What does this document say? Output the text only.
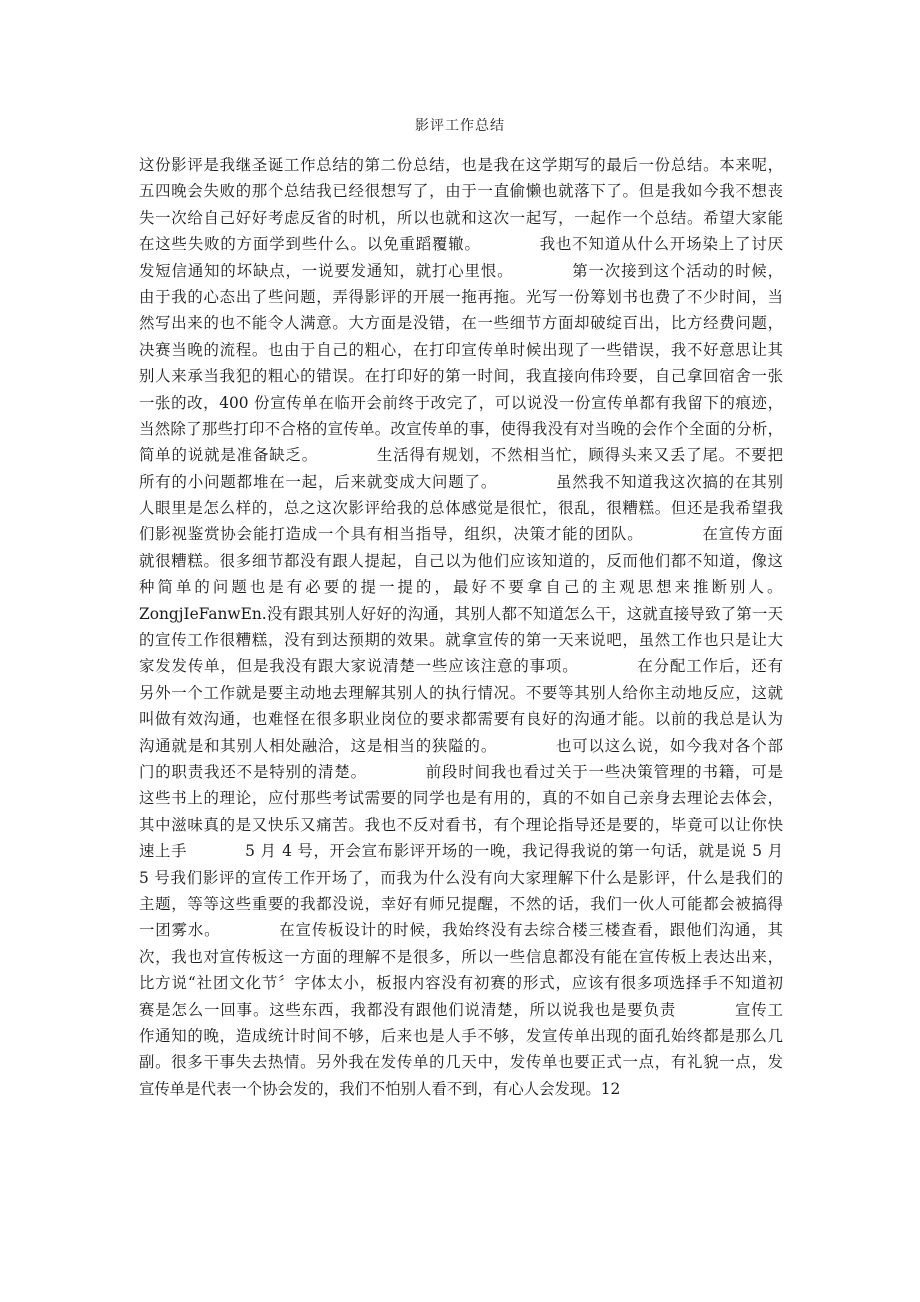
影评工作总结
这份影评是我继圣诞工作总结的第二份总结，也是我在这学期写的最后一份总结。本来呢，
五四晚会失败的那个总结我已经很想写了，由于一直偷懒也就落下了。但是我如今我不想丧
失一次给自己好好考虑反省的时机，所以也就和这次一起写，一起作一个总结。希望大家能
在这些失败的方面学到些什么。以免重蹈覆辙。	我也不知道从什么开场染上了讨厌
发短信通知的坏缺点，一说要发通知，就打心里恨。	第一次接到这个活动的时候，
由于我的心态出了些问题，弄得影评的开展一拖再拖。光写一份筹划书也费了不少时间，当
然写出来的也不能令人满意。大方面是没错，在一些细节方面却破绽百出，比方经费问题，
决赛当晚的流程。也由于自己的粗心，在打印宣传单时候出现了一些错误，我不好意思让其
别人来承当我犯的粗心的错误。在打印好的第一时间，我直接向伟玲要，自己拿回宿舍一张
一张的改，400 份宣传单在临开会前终于改完了，可以说没一份宣传单都有我留下的痕迹，
当然除了那些打印不合格的宣传单。改宣传单的事，使得我没有对当晚的会作个全面的分析，
简单的说就是准备缺乏。	生活得有规划，不然相当忙，顾得头来又丢了尾。不要把
所有的小问题都堆在一起，后来就变成大问题了。	虽然我不知道我这次搞的在其别
人眼里是怎么样的，总之这次影评给我的总体感觉是很忙，很乱，很糟糕。但还是我希望我
们影视鉴赏协会能打造成一个具有相当指导，组织，决策才能的团队。	在宣传方面
就很糟糕。很多细节都没有跟人提起，自己以为他们应该知道的，反而他们都不知道，像这
种简单的问题也是有必要的提一提的，最好不要拿自己的主观思想来推断别人。
ZongjIeFanwEn.没有跟其别人好好的沟通，其别人都不知道怎么干，这就直接导致了第一天
的宣传工作很糟糕，没有到达预期的效果。就拿宣传的第一天来说吧，虽然工作也只是让大
家发发传单，但是我没有跟大家说清楚一些应该注意的事项。	在分配工作后，还有
另外一个工作就是要主动地去理解其别人的执行情况。不要等其别人给你主动地反应，这就
叫做有效沟通，也难怪在很多职业岗位的要求都需要有良好的沟通才能。以前的我总是认为
沟通就是和其别人相处融洽，这是相当的狭隘的。	也可以这么说，如今我对各个部
门的职责我还不是特别的清楚。	前段时间我也看过关于一些决策管理的书籍，可是
这些书上的理论，应付那些考试需要的同学也是有用的，真的不如自己亲身去理论去体会，
其中滋味真的是又快乐又痛苦。我也不反对看书，有个理论指导还是要的，毕竟可以让你快
速上手	5 月 4 号，开会宣布影评开场的一晚，我记得我说的第一句话，就是说 5 月
5 号我们影评的宣传工作开场了，而我为什么没有向大家理解下什么是影评，什么是我们的
主题，等等这些重要的我都没说，幸好有师兄提醒，不然的话，我们一伙人可能都会被搞得
一团雾水。	在宣传板设计的时候，我始终没有去综合楼三楼查看，跟他们沟通，其
次，我也对宣传板这一方面的理解不是很多，所以一些信息都没有能在宣传板上表达出来，
比方说“社团文化节〞字体太小，板报内容没有初赛的形式，应该有很多项选择手不知道初
赛是怎么一回事。这些东西，我都没有跟他们说清楚，所以说我也是要负责	宣传工
作通知的晚，造成统计时间不够，后来也是人手不够，发宣传单出现的面孔始终都是那么几
副。很多干事失去热情。另外我在发传单的几天中，发传单也要正式一点，有礼貌一点，发
宣传单是代表一个协会发的，我们不怕别人看不到，有心人会发现。12
